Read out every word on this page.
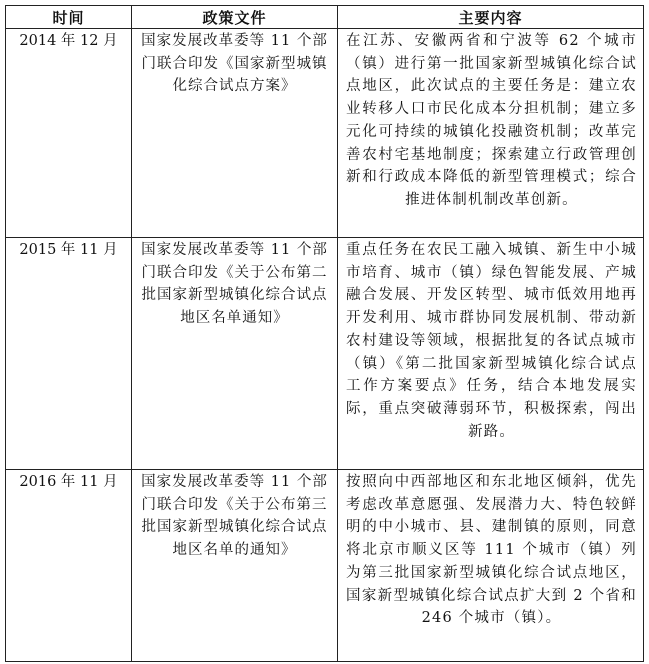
时间	政策文件	主要内容
2014 年 12 月	国家发展改革委等 11 个部门联合印发《国家新型城镇化综合试点方案》	在江苏、安徽两省和宁波等 62 个城市（镇）进行第一批国家新型城镇化综合试点地区，此次试点的主要任务是：建立农业转移人口市民化成本分担机制；建立多元化可持续的城镇化投融资机制；改革完善农村宅基地制度；探索建立行政管理创新和行政成本降低的新型管理模式；综合推进体制机制改革创新。
2015 年 11 月	国家发展改革委等 11 个部门联合印发《关于公布第二批国家新型城镇化综合试点地区名单通知》	重点任务在农民工融入城镇、新生中小城市培育、城市（镇）绿色智能发展、产城融合发展、开发区转型、城市低效用地再开发利用、城市群协同发展机制、带动新农村建设等领域，根据批复的各试点城市（镇）《第二批国家新型城镇化综合试点工作方案要点》任务，结合本地发展实际，重点突破薄弱环节，积极探索，闯出新路。
2016 年 11 月	国家发展改革委等 11 个部门联合印发《关于公布第三批国家新型城镇化综合试点地区名单的通知》	按照向中西部地区和东北地区倾斜，优先考虑改革意愿强、发展潜力大、特色较鲜明的中小城市、县、建制镇的原则，同意将北京市顺义区等 111 个城市（镇）列为第三批国家新型城镇化综合试点地区，国家新型城镇化综合试点扩大到 2 个省和 246 个城市（镇）。
